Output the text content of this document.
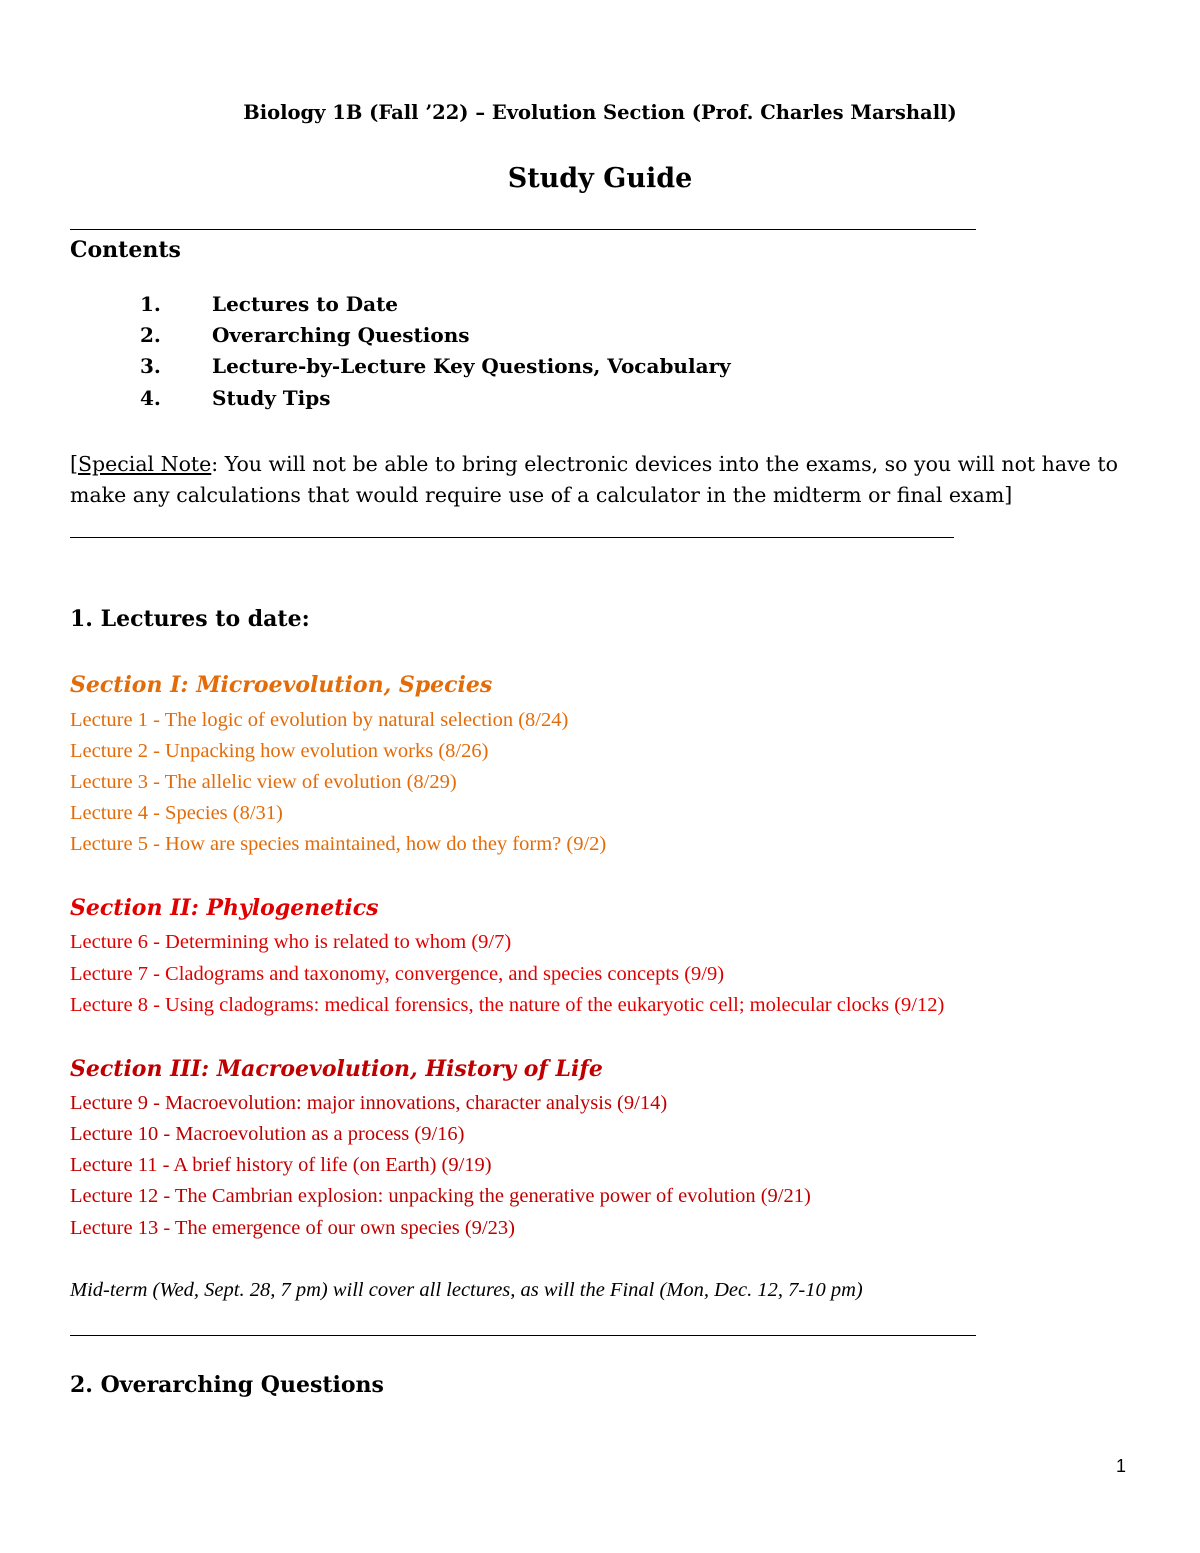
Biology 1B (Fall ’22) – Evolution Section (Prof. Charles Marshall)
Study Guide
Contents
1.	Lectures to Date
2.	Overarching Questions
3.	Lecture-by-Lecture Key Questions, Vocabulary
4.	Study Tips
[Special Note: You will not be able to bring electronic devices into the exams, so you will not have to make any calculations that would require use of a calculator in the midterm or final exam]
1. Lectures to date:
Section I: Microevolution, Species
Lecture 1 - The logic of evolution by natural selection (8/24)
Lecture 2 - Unpacking how evolution works (8/26)
Lecture 3 - The allelic view of evolution (8/29)
Lecture 4 - Species (8/31)
Lecture 5 - How are species maintained, how do they form? (9/2)
Section II: Phylogenetics
Lecture 6 - Determining who is related to whom (9/7)
Lecture 7 - Cladograms and taxonomy, convergence, and species concepts (9/9)
Lecture 8 - Using cladograms: medical forensics, the nature of the eukaryotic cell; molecular clocks (9/12)
Section III: Macroevolution, History of Life
Lecture 9 - Macroevolution: major innovations, character analysis (9/14)
Lecture 10 - Macroevolution as a process (9/16)
Lecture 11 - A brief history of life (on Earth) (9/19)
Lecture 12 - The Cambrian explosion: unpacking the generative power of evolution (9/21)
Lecture 13 - The emergence of our own species (9/23)
Mid-term (Wed, Sept. 28, 7 pm) will cover all lectures, as will the Final (Mon, Dec. 12, 7-10 pm)
2. Overarching Questions
1
